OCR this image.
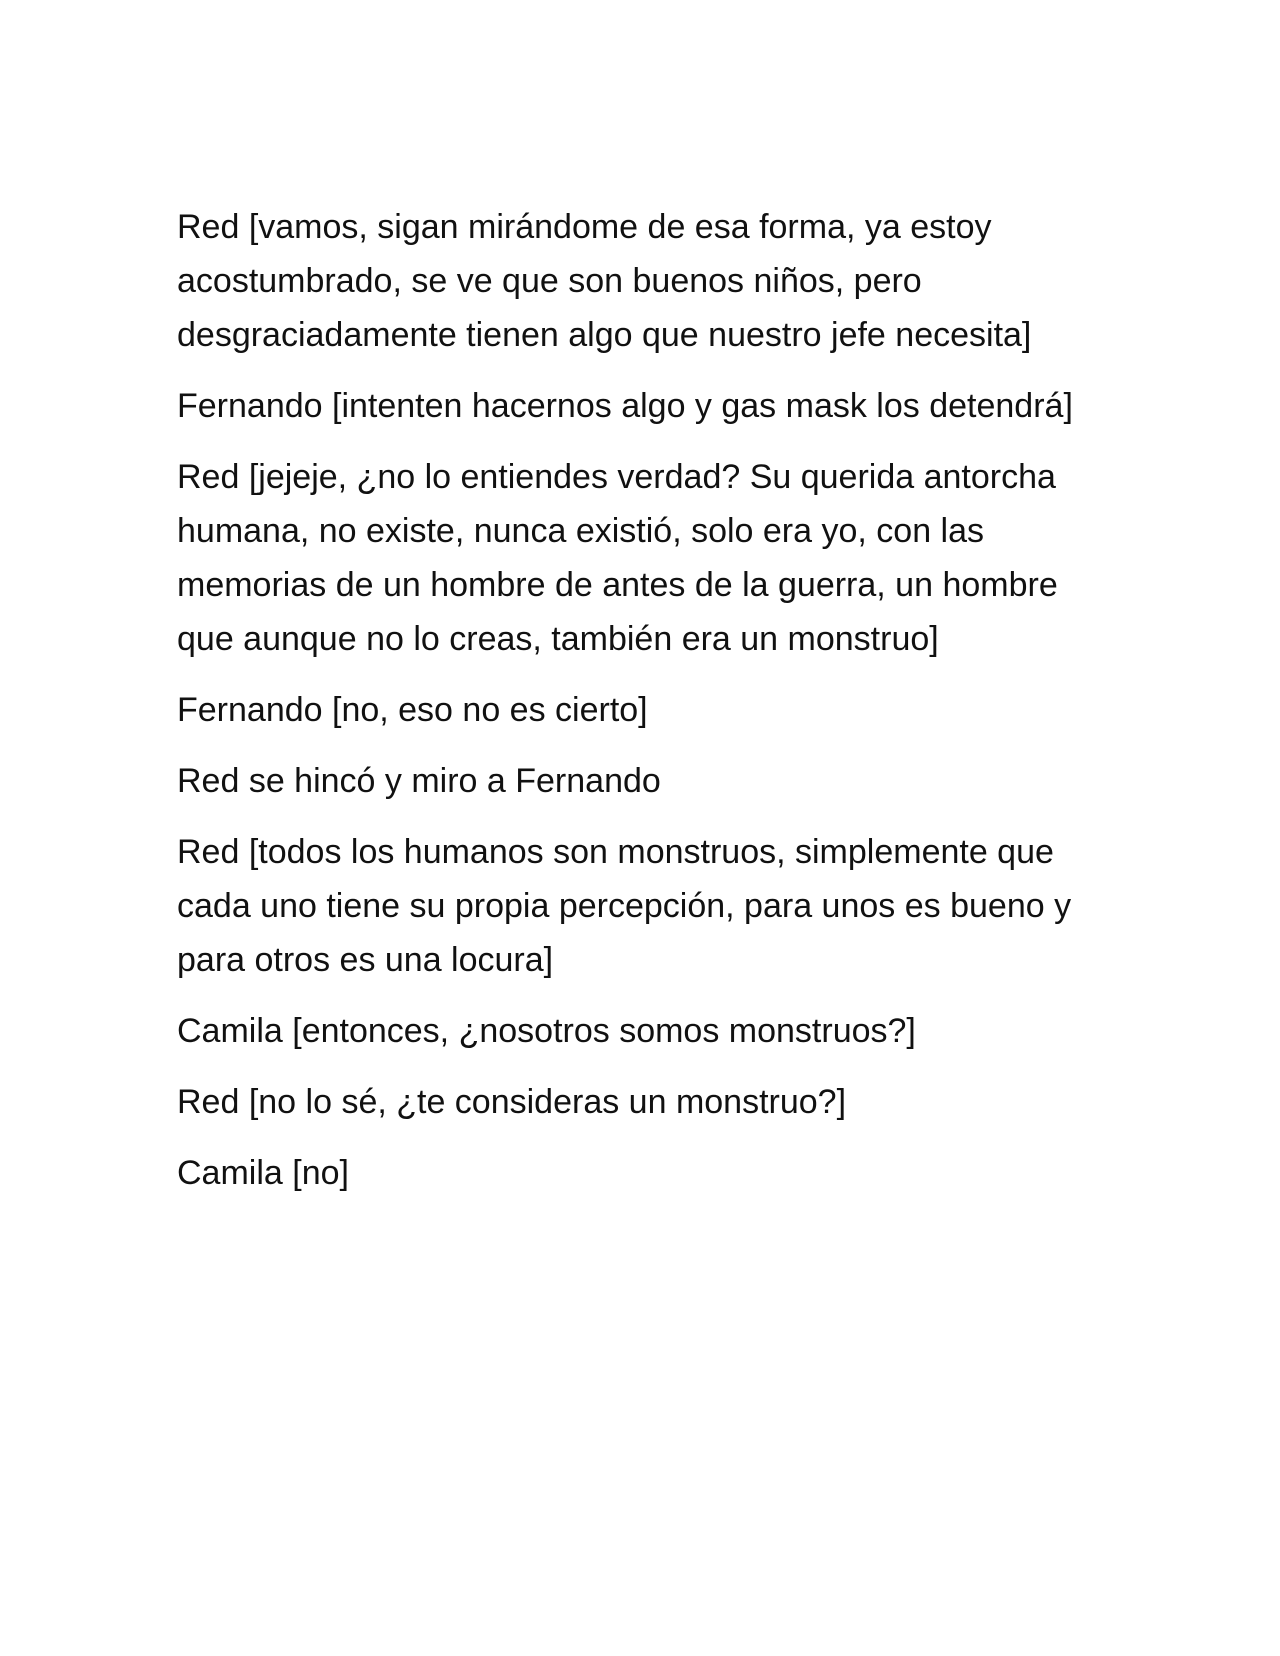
Red [vamos, sigan mirándome de esa forma, ya estoy acostumbrado, se ve que son buenos niños, pero desgraciadamente tienen algo que nuestro jefe necesita]

Fernando [intenten hacernos algo y gas mask los detendrá]

Red [jejeje, ¿no lo entiendes verdad? Su querida antorcha humana, no existe, nunca existió, solo era yo, con las memorias de un hombre de antes de la guerra, un hombre que aunque no lo creas, también era un monstruo]

Fernando [no, eso no es cierto]

Red se hincó y miro a Fernando

Red [todos los humanos son monstruos, simplemente que cada uno tiene su propia percepción, para unos es bueno y para otros es una locura]

Camila [entonces, ¿nosotros somos monstruos?]

Red [no lo sé, ¿te consideras un monstruo?]

Camila [no]
